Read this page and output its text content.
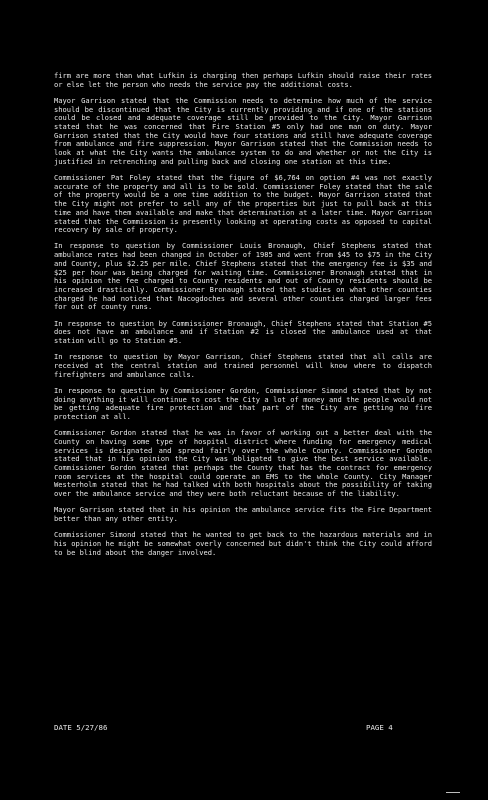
firm are more than what Lufkin is charging then perhaps Lufkin should raise their rates or else let the person who needs the service pay the additional costs.

Mayor Garrison stated that the Commission needs to determine how much of the service should be discontinued that the City is currently providing and if one of the stations could be closed and adequate coverage still be provided to the City. Mayor Garrison stated that he was concerned that Fire Station #5 only had one man on duty. Mayor Garrison stated that the City would have four stations and still have adequate coverage from ambulance and fire suppression. Mayor Garrison stated that the Commission needs to look at what the City wants the ambulance system to do and whether or not the City is justified in retrenching and pulling back and closing one station at this time.

Commissioner Pat Foley stated that the figure of $6,764 on option #4 was not exactly accurate of the property and all is to be sold. Commissioner Foley stated that the sale of the property would be a one time addition to the budget. Mayor Garrison stated that the City might not prefer to sell any of the properties but just to pull back at this time and have them available and make that determination at a later time. Mayor Garrison stated that the Commission is presently looking at operating costs as opposed to capital recovery by sale of property.

In response to question by Commissioner Louis Bronaugh, Chief Stephens stated that ambulance rates had been changed in October of 1985 and went from $45 to $75 in the City and County, plus $2.25 per mile. Chief Stephens stated that the emergency fee is $35 and $25 per hour was being charged for waiting time. Commissioner Bronaugh stated that in his opinion the fee charged to County residents and out of County residents should be increased drastically. Commissioner Bronaugh stated that studies on what other counties charged he had noticed that Nacogdoches and several other counties charged larger fees for out of county runs.

In response to question by Commissioner Bronaugh, Chief Stephens stated that Station #5 does not have an ambulance and if Station #2 is closed the ambulance used at that station will go to Station #5.

In response to question by Mayor Garrison, Chief Stephens stated that all calls are received at the central station and trained personnel will know where to dispatch firefighters and ambulance calls.

In response to question by Commissioner Gordon, Commissioner Simond stated that by not doing anything it will continue to cost the City a lot of money and the people would not be getting adequate fire protection and that part of the City are getting no fire protection at all.

Commissioner Gordon stated that he was in favor of working out a better deal with the County on having some type of hospital district where funding for emergency medical services is designated and spread fairly over the whole County. Commissioner Gordon stated that in his opinion the City was obligated to give the best service available. Commissioner Gordon stated that perhaps the County that has the contract for emergency room services at the hospital could operate an EMS to the whole County. City Manager Westerholm stated that he had talked with both hospitals about the possibility of taking over the ambulance service and they were both reluctant because of the liability.

Mayor Garrison stated that in his opinion the ambulance service fits the Fire Department better than any other entity.

Commissioner Simond stated that he wanted to get back to the hazardous materials and in his opinion he might be somewhat overly concerned but didn't think the City could afford to be blind about the danger involved.

DATE 5/27/86	PAGE 4
